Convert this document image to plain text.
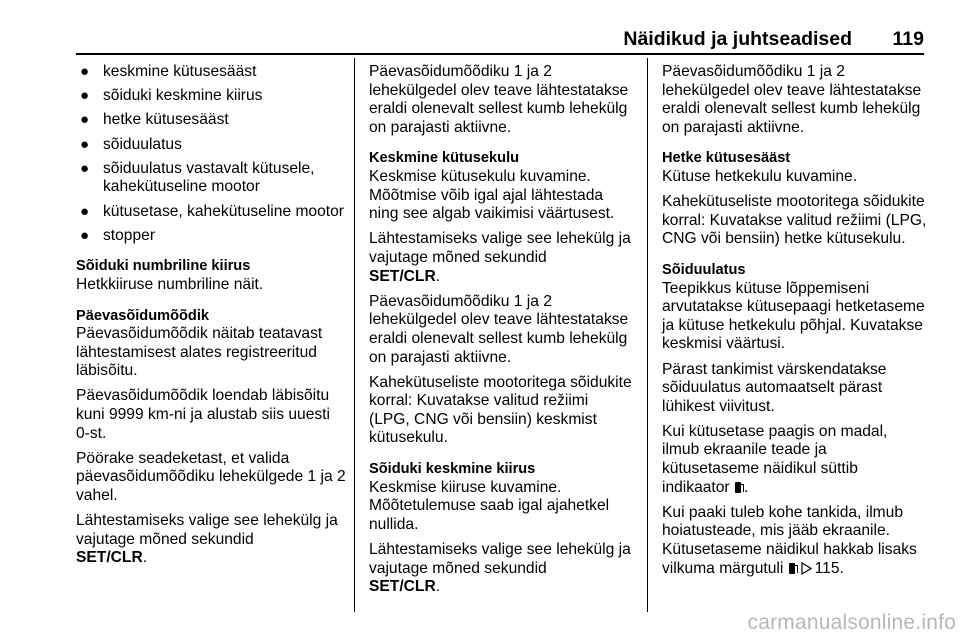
Näidikud ja juhtseadised 119
● keskmine kütusesääst
● sõiduki keskmine kiirus
● hetke kütusesääst
● sõiduulatus
● sõiduulatus vastavalt kütusele, kahekütuseline mootor
● kütusetase, kahekütuseline mootor
● stopper
Sõiduki numbriline kiirus

Hetkkiiruse numbriline näit.

Päevasõidumõõdik

Päevasõidumõõdik näitab teatavast lähtestamisest alates registreeritud läbisõitu.

Päevasõidumõõdik loendab läbisõitu kuni 9999 km-ni ja alustab siis uuesti 0-st.

Pöörake seadeketast, et valida päevasõidumõõdiku lehekülgede 1 ja 2 vahel.

Lähtestamiseks valige see lehekülg ja vajutage mõned sekundid
SET/CLR.

Päevasõidumõõdiku 1 ja 2 lehekülgedel olev teave lähtestatakse eraldi olenevalt sellest kumb lehekülg on parajasti aktiivne.

Keskmine kütusekulu

Keskmise kütusekulu kuvamine. Mõõtmise võib igal ajal lähtestada ning see algab vaikimisi väärtusest.

Lähtestamiseks valige see lehekülg ja vajutage mõned sekundid
SET/CLR.

Päevasõidumõõdiku 1 ja 2 lehekülgedel olev teave lähtestatakse eraldi olenevalt sellest kumb lehekülg on parajasti aktiivne.

Kahekütuseliste mootoritega sõidukite korral: Kuvatakse valitud režiimi (LPG, CNG või bensiin) keskmist kütusekulu.

Sõiduki keskmine kiirus

Keskmise kiiruse kuvamine. Mõõtetulemuse saab igal ajahetkel nullida.

Lähtestamiseks valige see lehekülg ja vajutage mõned sekundid
SET/CLR.

Päevasõidumõõdiku 1 ja 2 lehekülgedel olev teave lähtestatakse eraldi olenevalt sellest kumb lehekülg on parajasti aktiivne.

Hetke kütusesääst

Kütuse hetkekulu kuvamine.

Kahekütuseliste mootoritega sõidukite korral: Kuvatakse valitud režiimi (LPG, CNG või bensiin) hetke kütusekulu.

Sõiduulatus

Teepikkus kütuse lõppemiseni arvutatakse kütusepaagi hetketaseme ja kütuse hetkekulu põhjal. Kuvatakse keskmisi väärtusi.

Pärast tankimist värskendatakse sõiduulatus automaatselt pärast lühikest viivitust.

Kui kütusetase paagis on madal, ilmub ekraanile teade ja kütusetaseme näidikul süttib indikaator .

Kui paaki tuleb kohe tankida, ilmub hoiatusteade, mis jääb ekraanile. Kütusetaseme näidikul hakkab lisaks vilkuma märgutuli 115.

carmanualsonline.info
